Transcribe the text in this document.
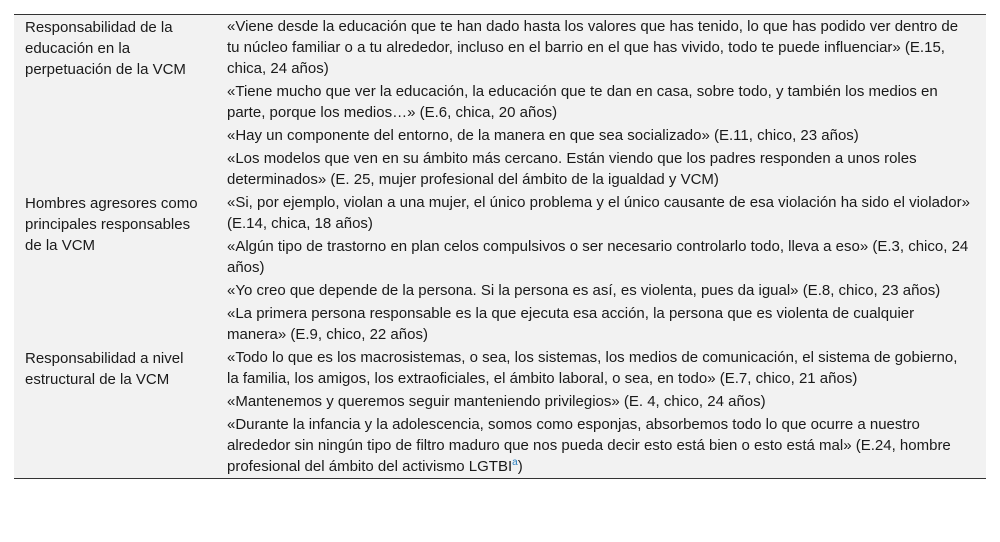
Responsabilidad de la educación en la perpetuación de la VCM
«Viene desde la educación que te han dado hasta los valores que has tenido, lo que has podido ver dentro de tu núcleo familiar o a tu alrededor, incluso en el barrio en el que has vivido, todo te puede influenciar» (E.15, chica, 24 años)
«Tiene mucho que ver la educación, la educación que te dan en casa, sobre todo, y también los medios en parte, porque los medios…» (E.6, chica, 20 años)
«Hay un componente del entorno, de la manera en que sea socializado» (E.11, chico, 23 años)
«Los modelos que ven en su ámbito más cercano. Están viendo que los padres responden a unos roles determinados» (E. 25, mujer profesional del ámbito de la igualdad y VCM)
Hombres agresores como principales responsables de la VCM
«Si, por ejemplo, violan a una mujer, el único problema y el único causante de esa violación ha sido el violador» (E.14, chica, 18 años)
«Algún tipo de trastorno en plan celos compulsivos o ser necesario controlarlo todo, lleva a eso» (E.3, chico, 24 años)
«Yo creo que depende de la persona. Si la persona es así, es violenta, pues da igual» (E.8, chico, 23 años)
«La primera persona responsable es la que ejecuta esa acción, la persona que es violenta de cualquier manera» (E.9, chico, 22 años)
Responsabilidad a nivel estructural de la VCM
«Todo lo que es los macrosistemas, o sea, los sistemas, los medios de comunicación, el sistema de gobierno, la familia, los amigos, los extraoficiales, el ámbito laboral, o sea, en todo» (E.7, chico, 21 años)
«Mantenemos y queremos seguir manteniendo privilegios» (E. 4, chico, 24 años)
«Durante la infancia y la adolescencia, somos como esponjas, absorbemos todo lo que ocurre a nuestro alrededor sin ningún tipo de filtro maduro que nos pueda decir esto está bien o esto está mal» (E.24, hombre profesional del ámbito del activismo LGTBI$^a$)
